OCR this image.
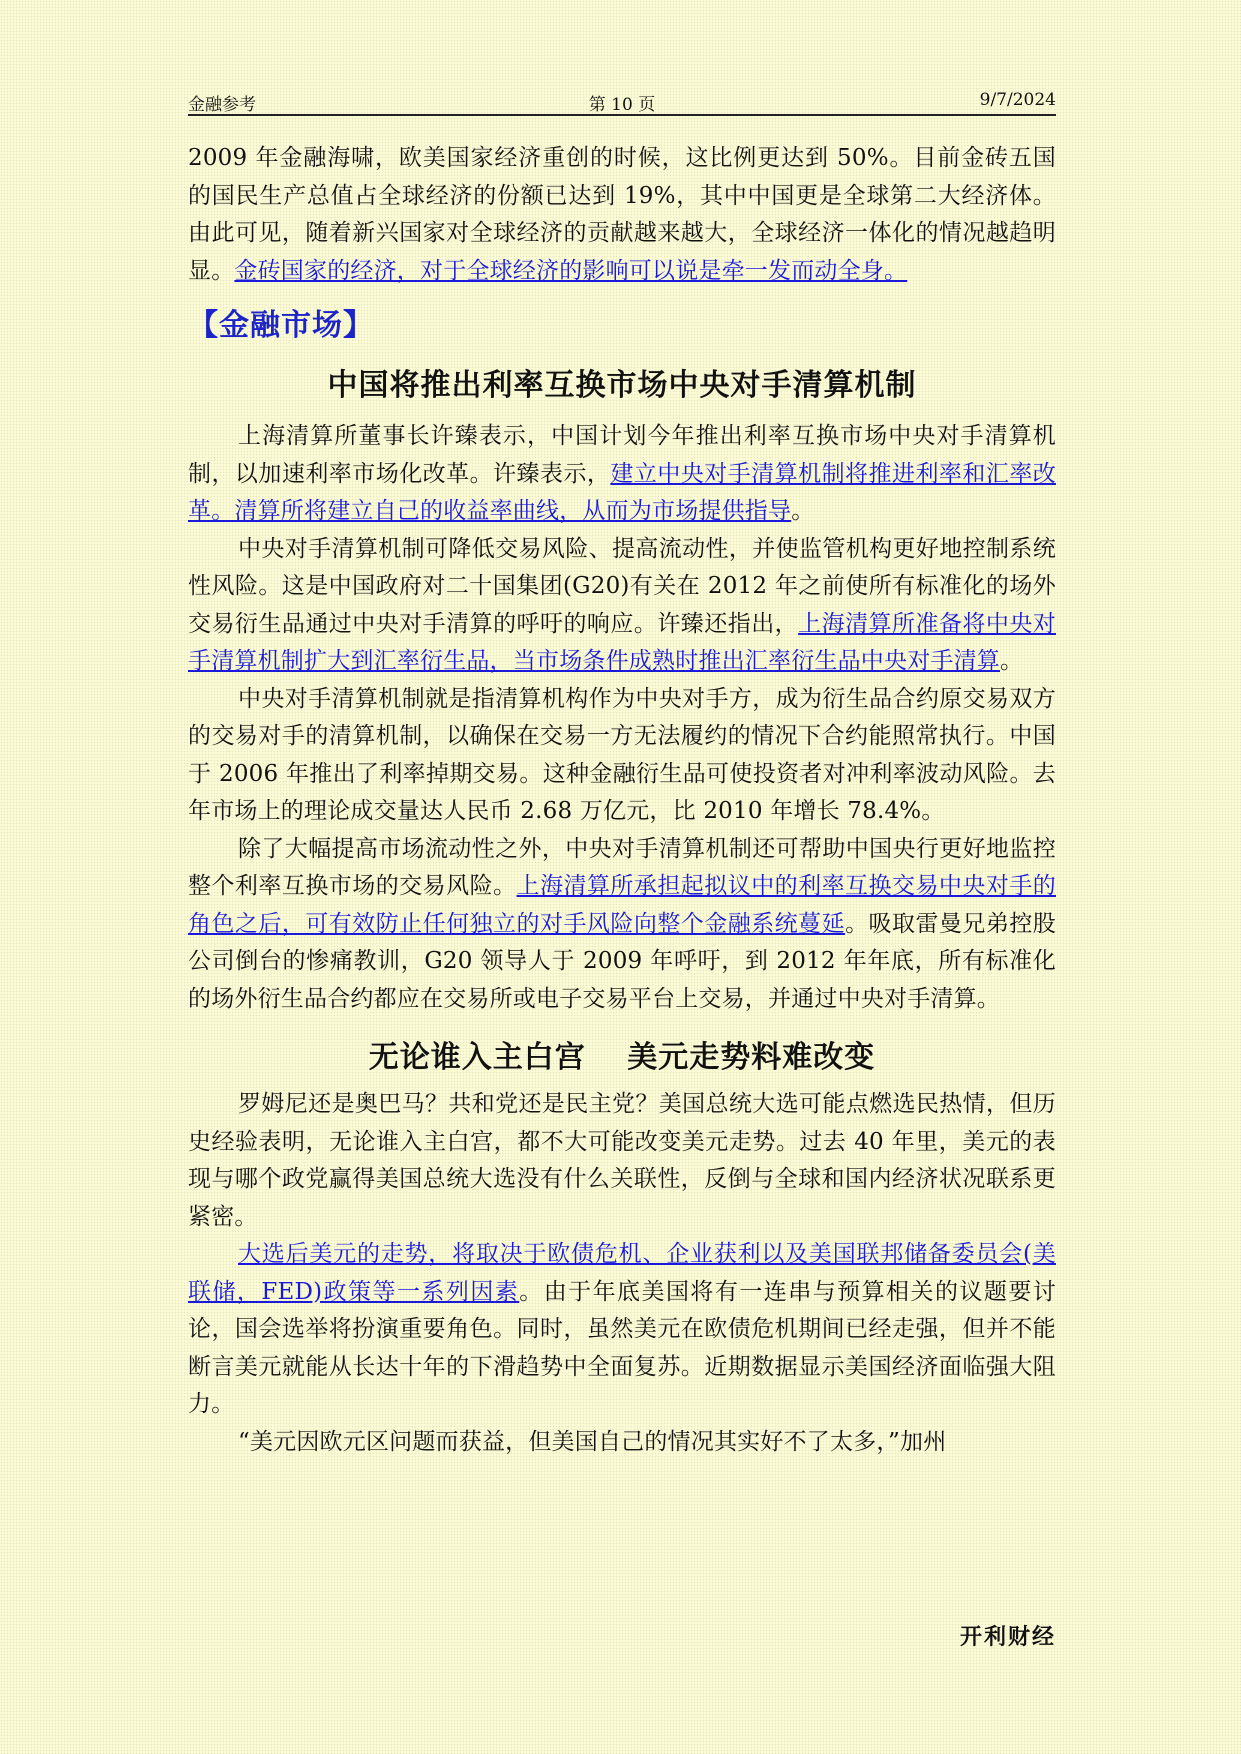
金融参考	第 10 页	9/7/2024

2009 年金融海啸，欧美国家经济重创的时候，这比例更达到 50%。目前金砖五国的国民生产总值占全球经济的份额已达到 19%，其中中国更是全球第二大经济体。由此可见，随着新兴国家对全球经济的贡献越来越大，全球经济一体化的情况越趋明显。金砖国家的经济，对于全球经济的影响可以说是牵一发而动全身。

【金融市场】
中国将推出利率互换市场中央对手清算机制

上海清算所董事长许臻表示，中国计划今年推出利率互换市场中央对手清算机制，以加速利率市场化改革。许臻表示，建立中央对手清算机制将推进利率和汇率改革。清算所将建立自己的收益率曲线，从而为市场提供指导。

中央对手清算机制可降低交易风险、提高流动性，并使监管机构更好地控制系统性风险。这是中国政府对二十国集团(G20)有关在 2012 年之前使所有标准化的场外交易衍生品通过中央对手清算的呼吁的响应。许臻还指出，上海清算所准备将中央对手清算机制扩大到汇率衍生品，当市场条件成熟时推出汇率衍生品中央对手清算。

中央对手清算机制就是指清算机构作为中央对手方，成为衍生品合约原交易双方的交易对手的清算机制，以确保在交易一方无法履约的情况下合约能照常执行。中国于 2006 年推出了利率掉期交易。这种金融衍生品可使投资者对冲利率波动风险。去年市场上的理论成交量达人民币 2.68 万亿元，比 2010 年增长 78.4%。

除了大幅提高市场流动性之外，中央对手清算机制还可帮助中国央行更好地监控整个利率互换市场的交易风险。上海清算所承担起拟议中的利率互换交易中央对手的角色之后，可有效防止任何独立的对手风险向整个金融系统蔓延。吸取雷曼兄弟控股公司倒台的惨痛教训，G20 领导人于 2009 年呼吁，到 2012 年年底，所有标准化的场外衍生品合约都应在交易所或电子交易平台上交易，并通过中央对手清算。

无论谁入主白宫 美元走势料难改变

罗姆尼还是奥巴马？共和党还是民主党？美国总统大选可能点燃选民热情，但历史经验表明，无论谁入主白宫，都不大可能改变美元走势。过去 40 年里，美元的表现与哪个政党赢得美国总统大选没有什么关联性，反倒与全球和国内经济状况联系更紧密。

大选后美元的走势，将取决于欧债危机、企业获利以及美国联邦储备委员会(美联储，FED)政策等一系列因素。由于年底美国将有一连串与预算相关的议题要讨论，国会选举将扮演重要角色。同时，虽然美元在欧债危机期间已经走强，但并不能断言美元就能从长达十年的下滑趋势中全面复苏。近期数据显示美国经济面临强大阻力。

“美元因欧元区问题而获益，但美国自己的情况其实好不了太多，”加州

开利财经
